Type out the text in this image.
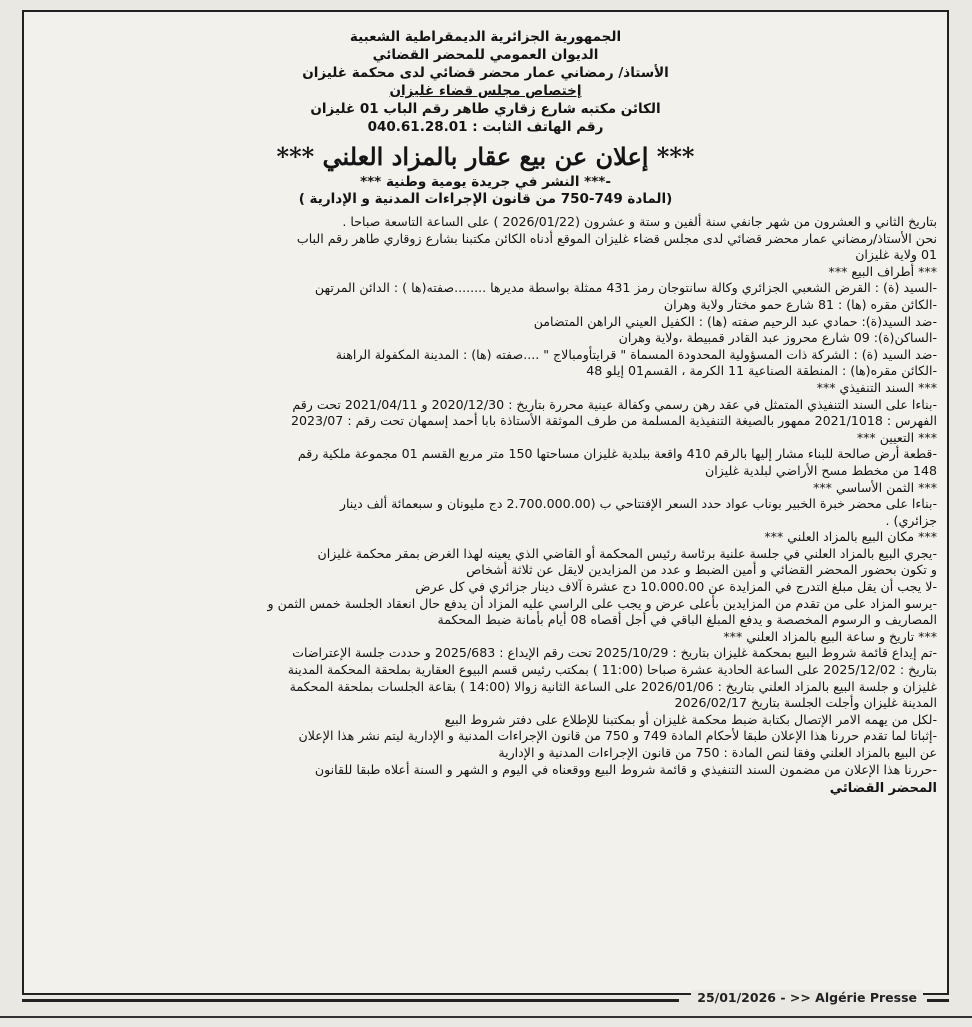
الجمهورية الجزائرية الديمقراطية الشعبية
الديوان العمومي للمحضر القضائي
الأستاذ/ رمضاني عمار محضر قضائي لدى محكمة غليزان
إختصاص مجلس قضاء غليزان
الكائن مكتبه شارع زقاري طاهر رقم الباب 01 غليزان
رقم الهاتف الثابت : 040.61.28.01
*** إعلان عن بيع عقار بالمزاد العلني ***
-*** النشر في جريدة يومية وطنية ***
(المادة 749-750 من قانون الإجراءات المدنية و الإدارية )
بتاريخ الثاني و العشرون من شهر جانفي سنة ألفين و ستة و عشرون (2026/01/22 ) على الساعة التاسعة صباحا .
نحن الأستاذ/رمضاني عمار محضر قضائي لدى مجلس قضاء غليزان الموقع أدناه الكائن مكتبنا بشارع زوقاري طاهر رقم الباب
01 ولاية غليزان
*** أطراف البيع ***
-السيد (ة) : القرض الشعبي الجزائري وكالة سانتوجان رمز 431 ممثلة بواسطة مديرها ........صفته(ها ) : الدائن المرتهن
-الكائن مقره (ها) : 81 شارع حمو مختار ولاية وهران
-ضد السيد(ة): حمادي عبد الرحيم صفته (ها) : الكفيل العيني الراهن المتضامن
-الساكن(ة): 09 شارع محروز عبد القادر قمبيطة ،ولاية وهران
-ضد السيد (ة) : الشركة ذات المسؤولية المحدودة المسماة " قرايتأومبالاج " ....صفته (ها) : المدينة المكفولة الراهنة
-الكائن مقره(ها) : المنطقة الصناعية 11 الكرمة ، القسم01 إيلو 48
*** السند التنفيذي ***
-بناءا على السند التنفيذي المتمثل في عقد رهن رسمي وكفالة عينية محررة بتاريخ : 2020/12/30 و 2021/04/11 تحت رقم
الفهرس : 2021/1018 ممهور بالصيغة التنفيذية المسلمة من طرف الموثقة الأستاذة بابا أحمد إسمهان تحت رقم : 2023/07
*** التعيين ***
-قطعة أرض صالحة للبناء مشار إليها بالرقم 410 واقعة ببلدية غليزان مساحتها 150 متر مربع القسم 01 مجموعة ملكية رقم
148 من مخطط مسح الأراضي لبلدية غليزان
*** الثمن الأساسي ***
-بناءا على محضر خبرة الخبير بوناب عواد حدد السعر الإفتتاحي ب (2.700.000.00 دج مليونان و سبعمائة ألف دينار
جزائري) .
*** مكان البيع بالمزاد العلني ***
-يجري البيع بالمزاد العلني في جلسة علنية برئاسة رئيس المحكمة أو القاضي الذي يعينه لهذا الغرض بمقر محكمة غليزان
و تكون بحضور المحضر القضائي و أمين الضبط و عدد من المزايدين لايقل عن ثلاثة أشخاص
-لا يجب أن يقل مبلغ التدرج في المزايدة عن 10.000.00 دج عشرة آلاف دينار جزائري في كل عرض
-يرسو المزاد على من تقدم من المزايدين بأعلى عرض و يجب على الراسي عليه المزاد أن يدفع حال انعقاد الجلسة خمس الثمن و
المصاريف و الرسوم المخصصة و يدفع المبلغ الباقي في أجل أقصاه 08 أيام بأمانة ضبط المحكمة
*** تاريخ و ساعة البيع بالمزاد العلني ***
-تم إيداع قائمة شروط البيع بمحكمة غليزان بتاريخ : 2025/10/29 تحت رقم الإيداع : 2025/683 و حددت جلسة الإعتراضات
بتاريخ : 2025/12/02 على الساعة الحادية عشرة صباحا (11:00 ) بمكتب رئيس قسم البيوع العقارية بملحقة المحكمة المدينة
غليزان و جلسة البيع بالمزاد العلني بتاريخ : 2026/01/06 على الساعة الثانية زوالا (14:00 ) بقاعة الجلسات بملحقة المحكمة
المدينة غليزان وأجلت الجلسة بتاريخ 2026/02/17
-لكل من يهمه الامر الإتصال بكتابة ضبط محكمة غليزان أو بمكتبنا للإطلاع على دفتر شروط البيع
-إثباتا لما تقدم حررنا هذا الإعلان طبقا لأحكام المادة 749 و 750 من قانون الإجراءات المدنية و الإدارية ليتم نشر هذا الإعلان
عن البيع بالمزاد العلني وفقا لنص المادة : 750 من قانون الإجراءات المدنية و الإدارية
-حررنا هذا الإعلان من مضمون السند التنفيذي و قائمة شروط البيع ووقعناه في اليوم و الشهر و السنة أعلاه طبقا للقانون
المحضر القضائي
25/01/2026 - >> Algérie Presse
